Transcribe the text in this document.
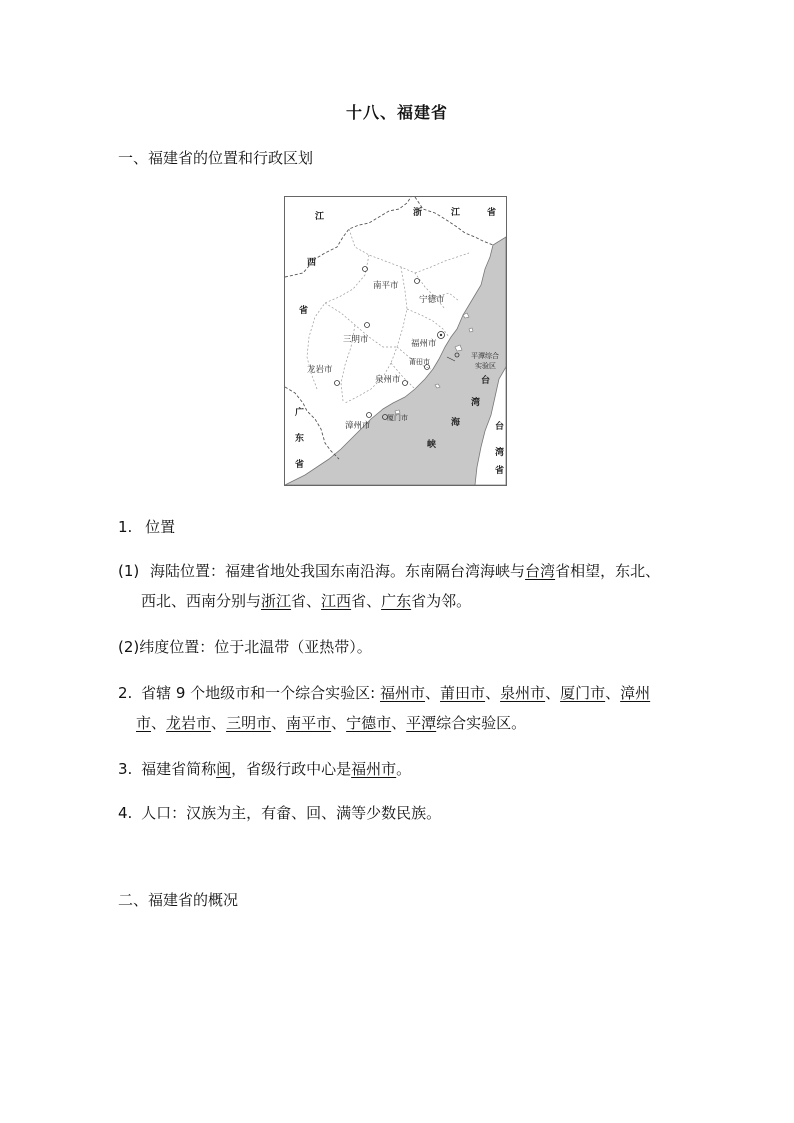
十八、福建省
一、福建省的位置和行政区划
江
西
省
浙	江	省
广
东
省
台
湾
省
台
湾
海
峡
南平市
宁德市
三明市	福州市
莆田市
龙岩市
泉州市
漳州市
厦门市
平潭综合
实验区
1. 位置
(1) 海陆位置：福建省地处我国东南沿海。东南隔台湾海峡与台湾省相望，东北、
西北、西南分别与浙江省、江西省、广东省为邻。
(2)纬度位置：位于北温带（亚热带）。
2. 省辖 9 个地级市和一个综合实验区: 福州市、莆田市、泉州市、厦门市、漳州
市、龙岩市、三明市、南平市、宁德市、平潭综合实验区。
3. 福建省简称闽，省级行政中心是福州市。
4. 人口：汉族为主，有畲、回、满等少数民族。
二、福建省的概况
